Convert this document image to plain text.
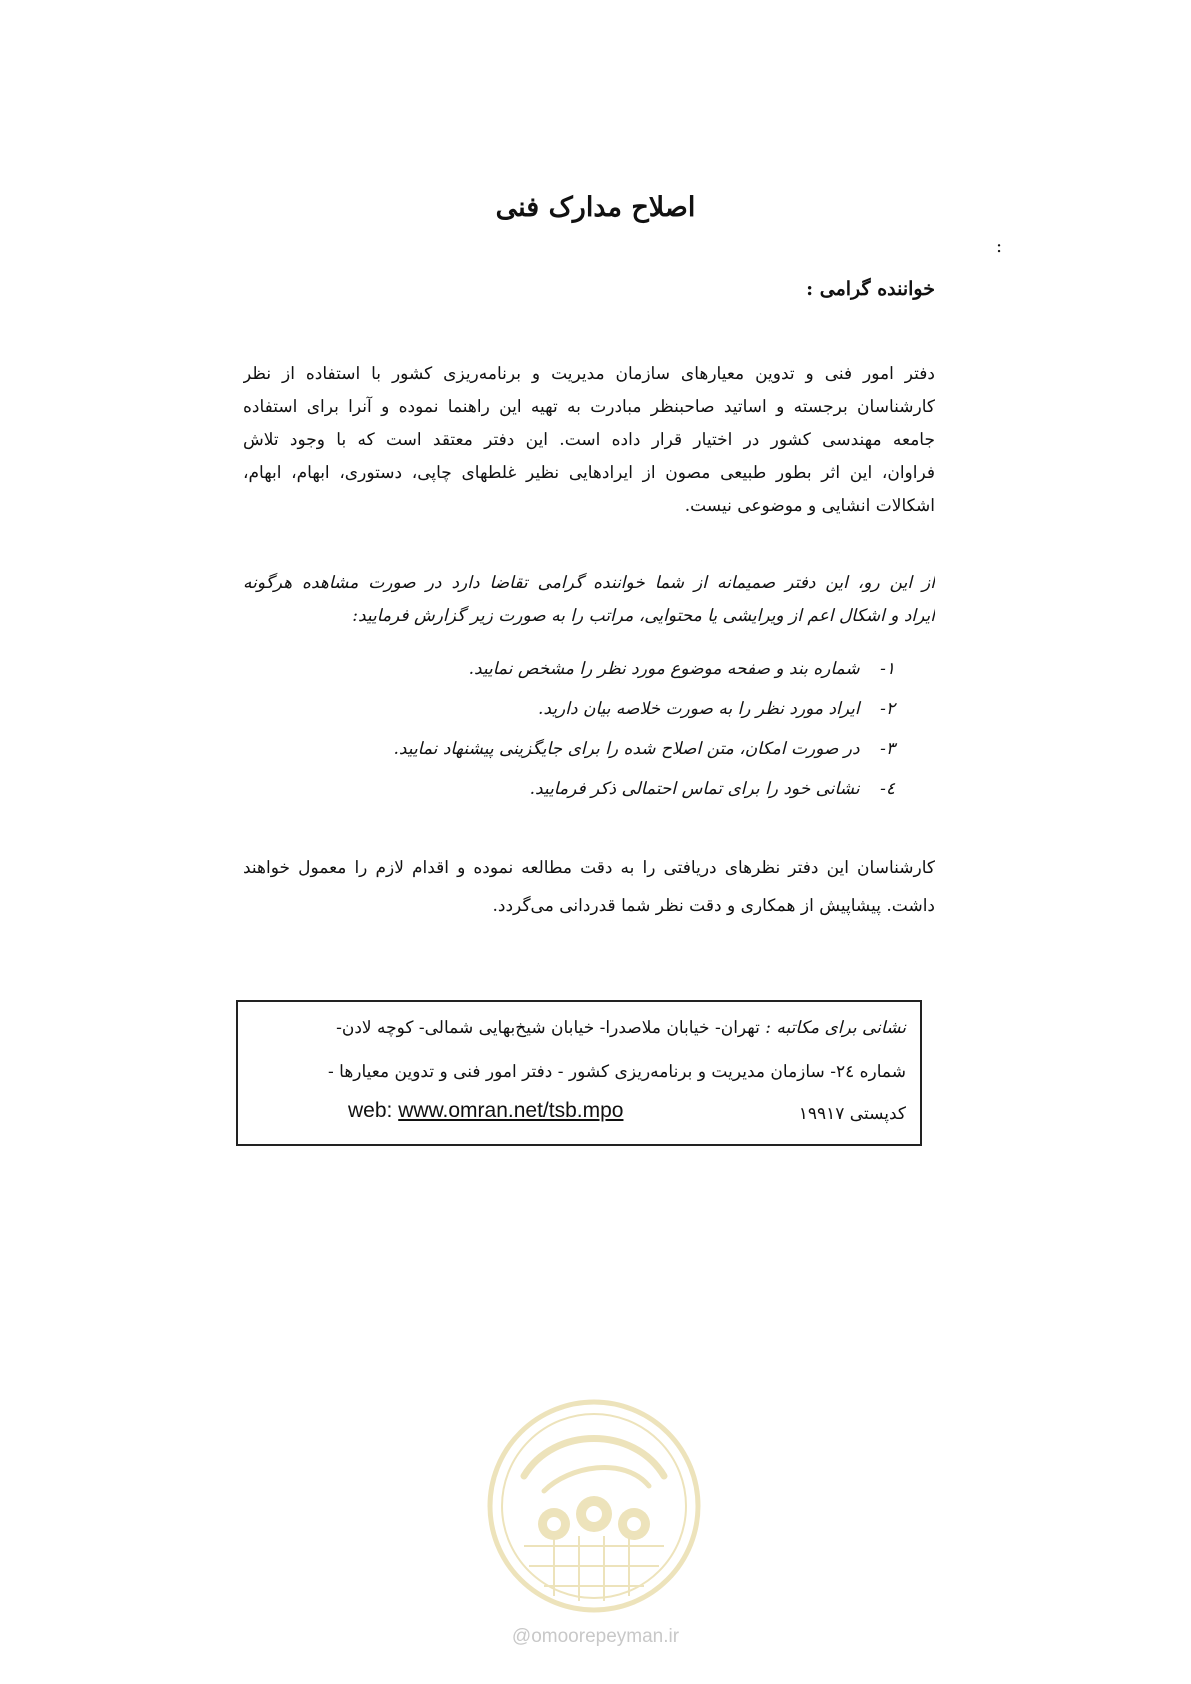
اصلاح مدارک فنی
:
خواننده گرامی :
دفتر امور فنی و تدوین معیارهای سازمان مدیریت و برنامه‌ریزی کشور با استفاده از نظر
کارشناسان برجسته و اساتید صاحبنظر مبادرت به تهیه این راهنما نموده و آنرا برای استفاده
جامعه مهندسی کشور در اختیار قرار داده است. این دفتر معتقد است که با وجود تلاش
فراوان، این اثر بطور طبیعی مصون از ایرادهایی نظیر غلطهای چاپی، دستوری، ابهام، ابهام،
اشکالات انشایی و موضوعی نیست.
از این رو، این دفتر صمیمانه از شما خواننده گرامی تقاضا دارد در صورت مشاهده هرگونه
ایراد و اشکال اعم از ویرایشی یا محتوایی، مراتب را به صورت زیر گزارش فرمایید:
۱- شماره بند و صفحه موضوع مورد نظر را مشخص نمایید.
۲- ایراد مورد نظر را به صورت خلاصه بیان دارید.
۳- در صورت امکان، متن اصلاح شده را برای جایگزینی پیشنهاد نمایید.
٤- نشانی خود را برای تماس احتمالی ذکر فرمایید.
کارشناسان این دفتر نظرهای دریافتی را به دقت مطالعه نموده و اقدام لازم را معمول خواهند
داشت. پیشاپیش از همکاری و دقت نظر شما قدردانی می‌گردد.
نشانی برای مکاتبه : تهران- خیابان ملاصدرا- خیابان شیخ‌بهایی شمالی- کوچه لادن-
شماره ٢٤- سازمان مدیریت و برنامه‌ریزی کشور - دفتر امور فنی و تدوین معیارها -
کدپستی ۱۹۹۱۷
web: www.omran.net/tsb.mpo
@omoorepeyman.ir
